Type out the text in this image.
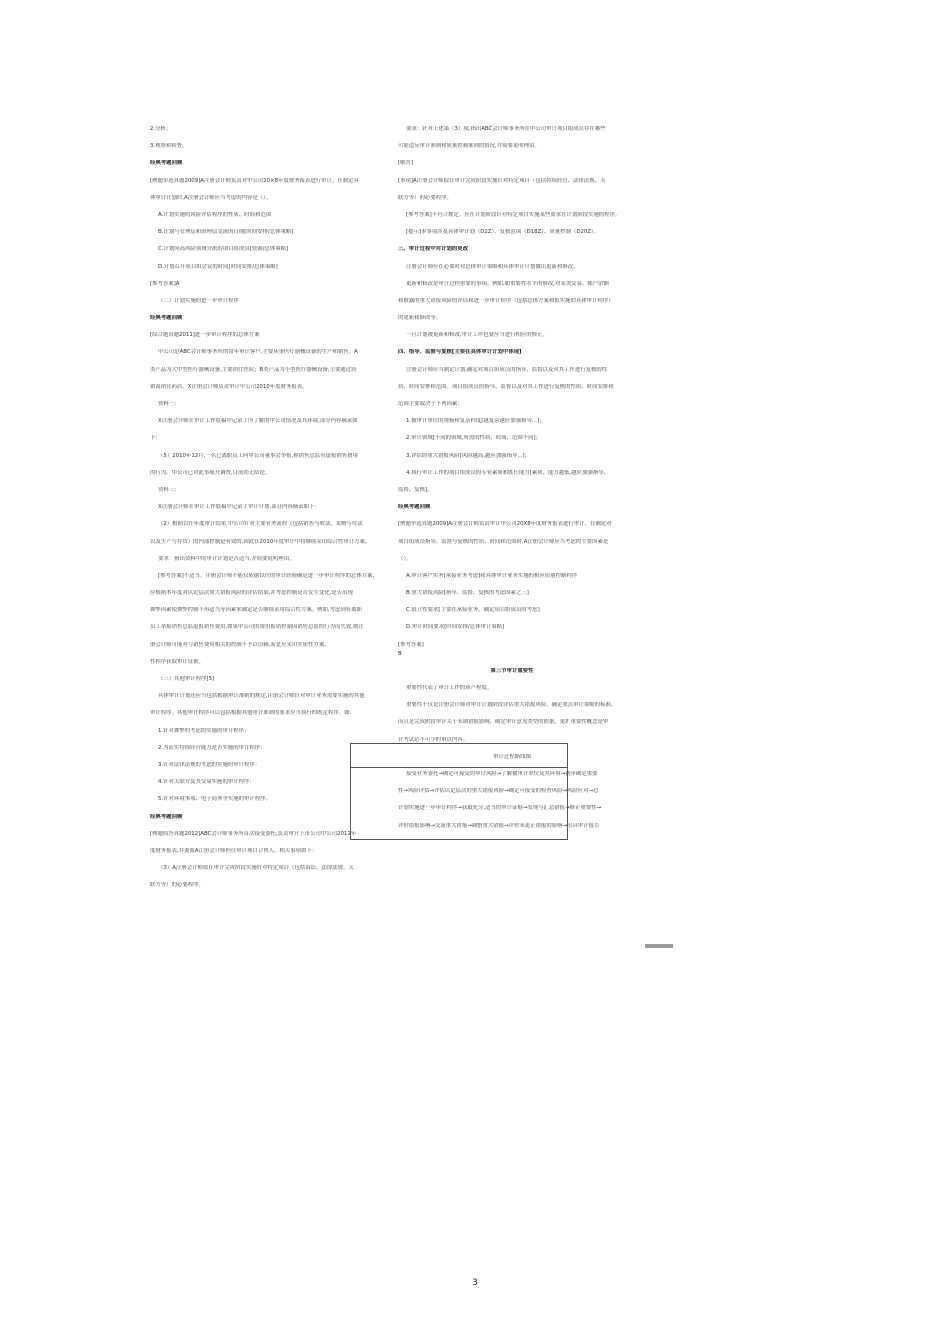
2.分析；
3.观察和检查。
经典考题回顾
[例题单选真题2009]A注册会计师负责对甲公司20×8年度财务报表进行审计。在制定具
体审计计划时,A注册会计师应当考虑的内容是（）。
A.计划实施的风险评估程序的性质、时间和范围
B.计划与管理层和治理层交流的日期[时间安排/总体策略]
C.计划向高风险领域分派的项目组成员[资源/总体策略]
D.计划召开项目组会议的时间[时间安排/总体策略]
[参考答案]A
（二）计划实施的进一步审计程序
经典考题回顾
[综合题真题2011]进一步审计程序的总体方案
甲公司是ABC会计师事务所的常年审计客户,主要从事医疗器械设备的生产和销售。A
类产品为大中型医疗器械设备,主要销往医院；B类产品为小型医疗器械设备,主要通过经
销商销往药店。X注册会计师负责审计甲公司2010年度财务报表。
资料一：
X注册会计师在审计工作底稿中记录了所了解的甲公司情况及其环境,部分内容摘录如
下：
（5）2010年12月,一名已离职员工向甲公司董事会举报,称销售总监有虚报销售费用
的行为。甲公司已对此事展开调查,目前尚无结论。
资料三：
X注册会计师在审计工作底稿中记录了审计计划,部分内容摘录如下：
（2）根据以往年度审计结果,甲公司针对主要业务流程（包括销售与收款、采购与付款
以及生产与存货）的内部控制是有效的,因此在2010年度审计中将继续采用综合性审计方案。
要求：指出资料中的审计计划是否适当,并简要说明理由。
[参考答案]不适当。注册会计师不能仅依据以往的审计经验确定进一步审计程序的总体方案,
应根据本年度对认定层次重大错报风险的评估结果,并考虑控制是否发生变化,是否出现
舞弊因素使舞弊控制不再适当等因素来确定是否继续采用综合性方案。例如,考虑到有离职
员工举报销售总监虚报销售费用,如果甲公司的费用报销控制因销售总监的行为而失效,则注
册会计师可能对与销售费用相关的控制不予以信赖,而是应采用实质性方案。
性程序获取审计证据。
（三）其他审计程序[5]
具体审计计划还应当包括根据审计准则的规定,注册会计师针对审计业务需要实施的其他
审计程序。其他审计程序可以包括根据其他审计准则的要求应当执行的既定程序。如：
1.针对舞弊的考虑的实施的审计程序：
2.为证实持续经营能力是否实施的审计程序：
3.针对法律法规的考虑的实施的审计程序：
4.针对关联方及其交易实施的审计程序：
5.针对环境事项、电子商务等实施的审计程序。
经典考题回顾
[例题简答真题2012]ABC会计师事务所首次接受委托,负责审计上市公司甲公司2011年
度财务报表,并委派A注册会计师担任审计项目合伙人。相关事项如下：
（3）A注册会计师拟在审计完成阶段实施针对特定项目（包括诉讼、法律法规、关
联方等）的必要程序。
要求：针对上述第（3）项,指出ABC会计师事务所在甲公司审计项目组成员存在哪些
可能违反审计准则和质量控制准则的情况,并简要说明理由。
[解答]
[事项]A注册会计师拟在审计完成阶段实施针对特定项目（包括持续经营、法律法规、关
联方等）的必要程序。
[参考答案]不符合规定。应在计划阶段针对特定项目实施某些需求在计划阶段实施的程序。
[提示]本事项涉及具体审计划（D2Z）、复核范围（D18Z）、质量控制（D20Z）。
三、审计过程中对计划的更改
注册会计师应在必要时对总体审计策略和具体审计计划做出更新和修改。
更新和修改是审计过程重要的事项。例如,如重要性水平的修改,对某类交易、账户余额
和披露的重大错报风险的评估和进一步审计程序（包括总体方案和拟实施的具体审计程序）
的更新和修改等。
一旦计划被更新和修改,审计工作也就应当进行相应的修正。
四、指导、监督与复核[主要在具体审计计划中体现]
注册会计师应当制定计划,确定对项目组成员的指导、监督以及对其工作进行复核的性
质、时间安排和范围。项目组成员的指导、监督以及对其工作进行复核的性质、时间安排和
范围主要取决于下列因素：
1.被审计单位的规模和复杂程度[越复杂越应加强指导...]；
2.审计领域[不同的领域,所需的性质、时间、范围不同]；
3.评估的重大错报风险[风险越高,越应加强指导...]；
4.执行审计工作的项目组成员的专业素质和胜任能力[素质、能力越低,越应加强指导、
监督、复核]。
经典考题回顾
[例题单选真题2009]A注册会计师负责审计甲公司20X8年度财务报表进行审计。在确定对
项目组成员指导、监督与复核的性质、时间和范围时,A注册会计师应当考虑的主要因素是
（）。
A.审计客户实务[承接业务考虑]和具体审计业务实施的相应质量控制程序
B.重大错报风险[指导、监督、复核的考虑因素之三]
C.值立性要求[主要在承接业务、确定项目组成员时考虑]
D.审计时间要求[时间安排/总体审计策略]
[参考答案]
B
第三节审计重要性
重要性代表了审计工作的质产程度。
重要性不仅是注册会计师对审计计划阶段评估重大错报风险、确定重点审计策略的标准,
而且是完成阶段审计关于未调错报影响、确定审计意见类型的依据。更扩重要性概念是审
计考试必不可少的重点内容。
审计过程路线图
接受业务委托→确定可接受的审计风险→了解被审计单位及其环境→初步确定重要
性→风险评估→评估认定层次的重大错报风险→确定可接受的检查风险→风险应对→总
计划实施进一步审计程序→获取充分,适当的审计证据→发现与汇总错报→修正重要性→
评价错报影响→交流重大错报→调整重大错报→评价未更正错报的影响→出具审计报告
3
